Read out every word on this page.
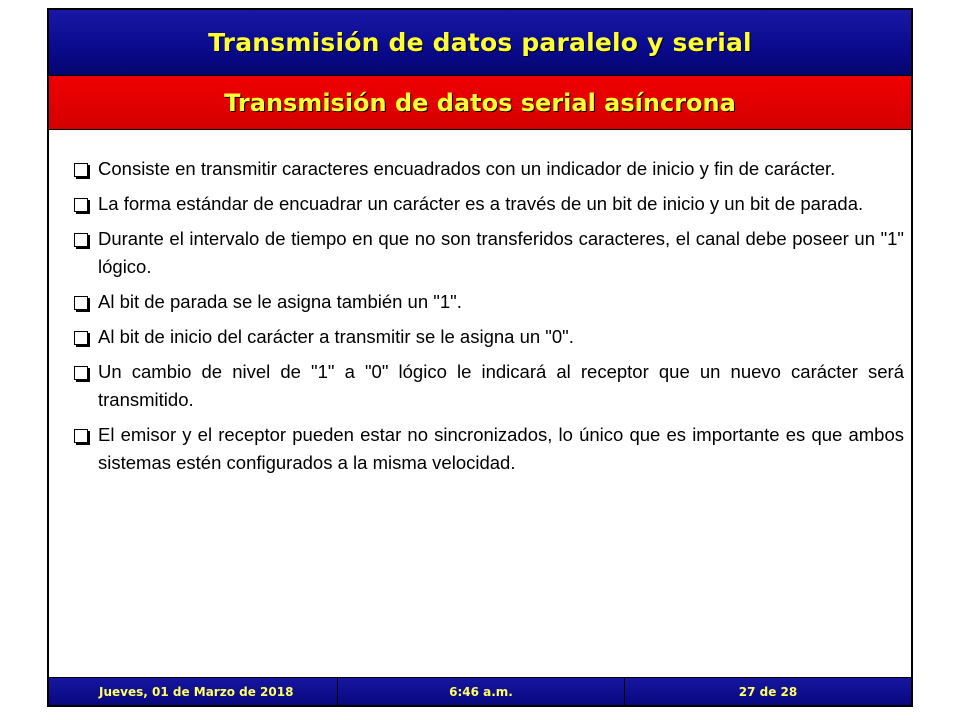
Transmisión de datos paralelo y serial
Transmisión de datos serial asíncrona
Consiste en transmitir caracteres encuadrados con un indicador de inicio y fin de carácter.
La forma estándar de encuadrar un carácter es a través de un bit de inicio y un bit de parada.
Durante el intervalo de tiempo en que no son transferidos caracteres, el canal debe poseer un "1" lógico.
Al bit de parada se le asigna también un "1".
Al bit de inicio del carácter a transmitir se le asigna un "0".
Un cambio de nivel de "1" a "0" lógico le indicará al receptor que un nuevo carácter será transmitido.
El emisor y el receptor pueden estar no sincronizados, lo único que es importante es que ambos sistemas estén configurados a la misma velocidad.
Jueves, 01 de Marzo de 2018	6:46 a.m.	27 de 28
